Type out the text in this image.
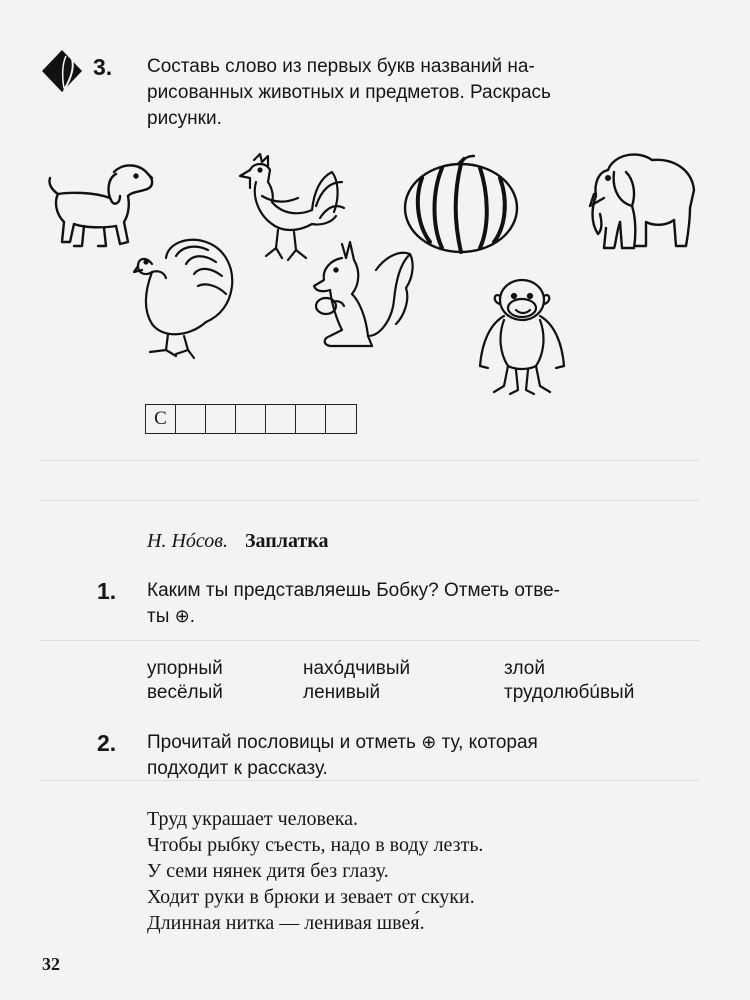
3. Составь слово из первых букв названий на-
рисованных животных и предметов. Раскрась
рисунки.
С
Н. Нóсов. Заплатка
1. Каким ты представляешь Бобку? Отметь отве-
ты ⊕.
упорный	нахóдчивый	злой
весёлый	ленивый	трудолюбúвый
2. Прочитай пословицы и отметь ⊕ ту, которая
подходит к рассказу.
Труд украшает человека.
Чтобы рыбку съесть, надо в воду лезть.
У семи нянек дитя без глазу.
Ходит руки в брюки и зевает от скуки.
Длинная нитка — ленивая швея́.
32
